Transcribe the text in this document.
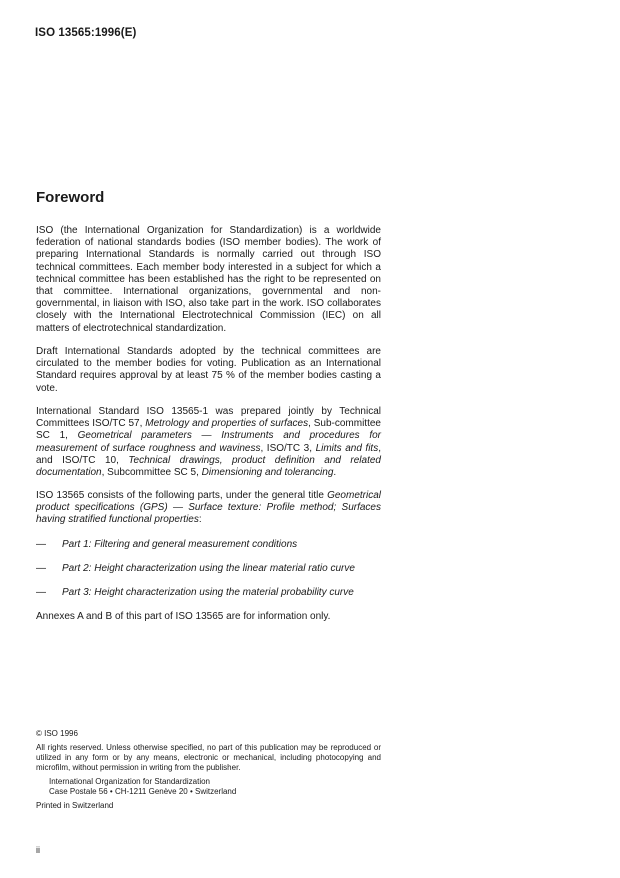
ISO 13565:1996(E)
Foreword
ISO (the International Organization for Standardization) is a worldwide federation of national standards bodies (ISO member bodies). The work of preparing International Standards is normally carried out through ISO technical committees. Each member body interested in a subject for which a technical committee has been established has the right to be represented on that committee. International organizations, governmental and non-governmental, in liaison with ISO, also take part in the work. ISO collaborates closely with the International Electrotechnical Commission (IEC) on all matters of electrotechnical standardization.
Draft International Standards adopted by the technical committees are circulated to the member bodies for voting. Publication as an International Standard requires approval by at least 75 % of the member bodies casting a vote.
International Standard ISO 13565-1 was prepared jointly by Technical Committees ISO/TC 57, Metrology and properties of surfaces, Sub-committee SC 1, Geometrical parameters — Instruments and procedures for measurement of surface roughness and waviness, ISO/TC 3, Limits and fits, and ISO/TC 10, Technical drawings, product definition and related documentation, Subcommittee SC 5, Dimensioning and tolerancing.
ISO 13565 consists of the following parts, under the general title Geometrical product specifications (GPS) — Surface texture: Profile method; Surfaces having stratified functional properties:
— Part 1: Filtering and general measurement conditions
— Part 2: Height characterization using the linear material ratio curve
— Part 3: Height characterization using the material probability curve
Annexes A and B of this part of ISO 13565 are for information only.
© ISO 1996
All rights reserved. Unless otherwise specified, no part of this publication may be reproduced or utilized in any form or by any means, electronic or mechanical, including photocopying and microfilm, without permission in writing from the publisher.
International Organization for Standardization
Case Postale 56 • CH-1211 Genève 20 • Switzerland
Printed in Switzerland
ii
